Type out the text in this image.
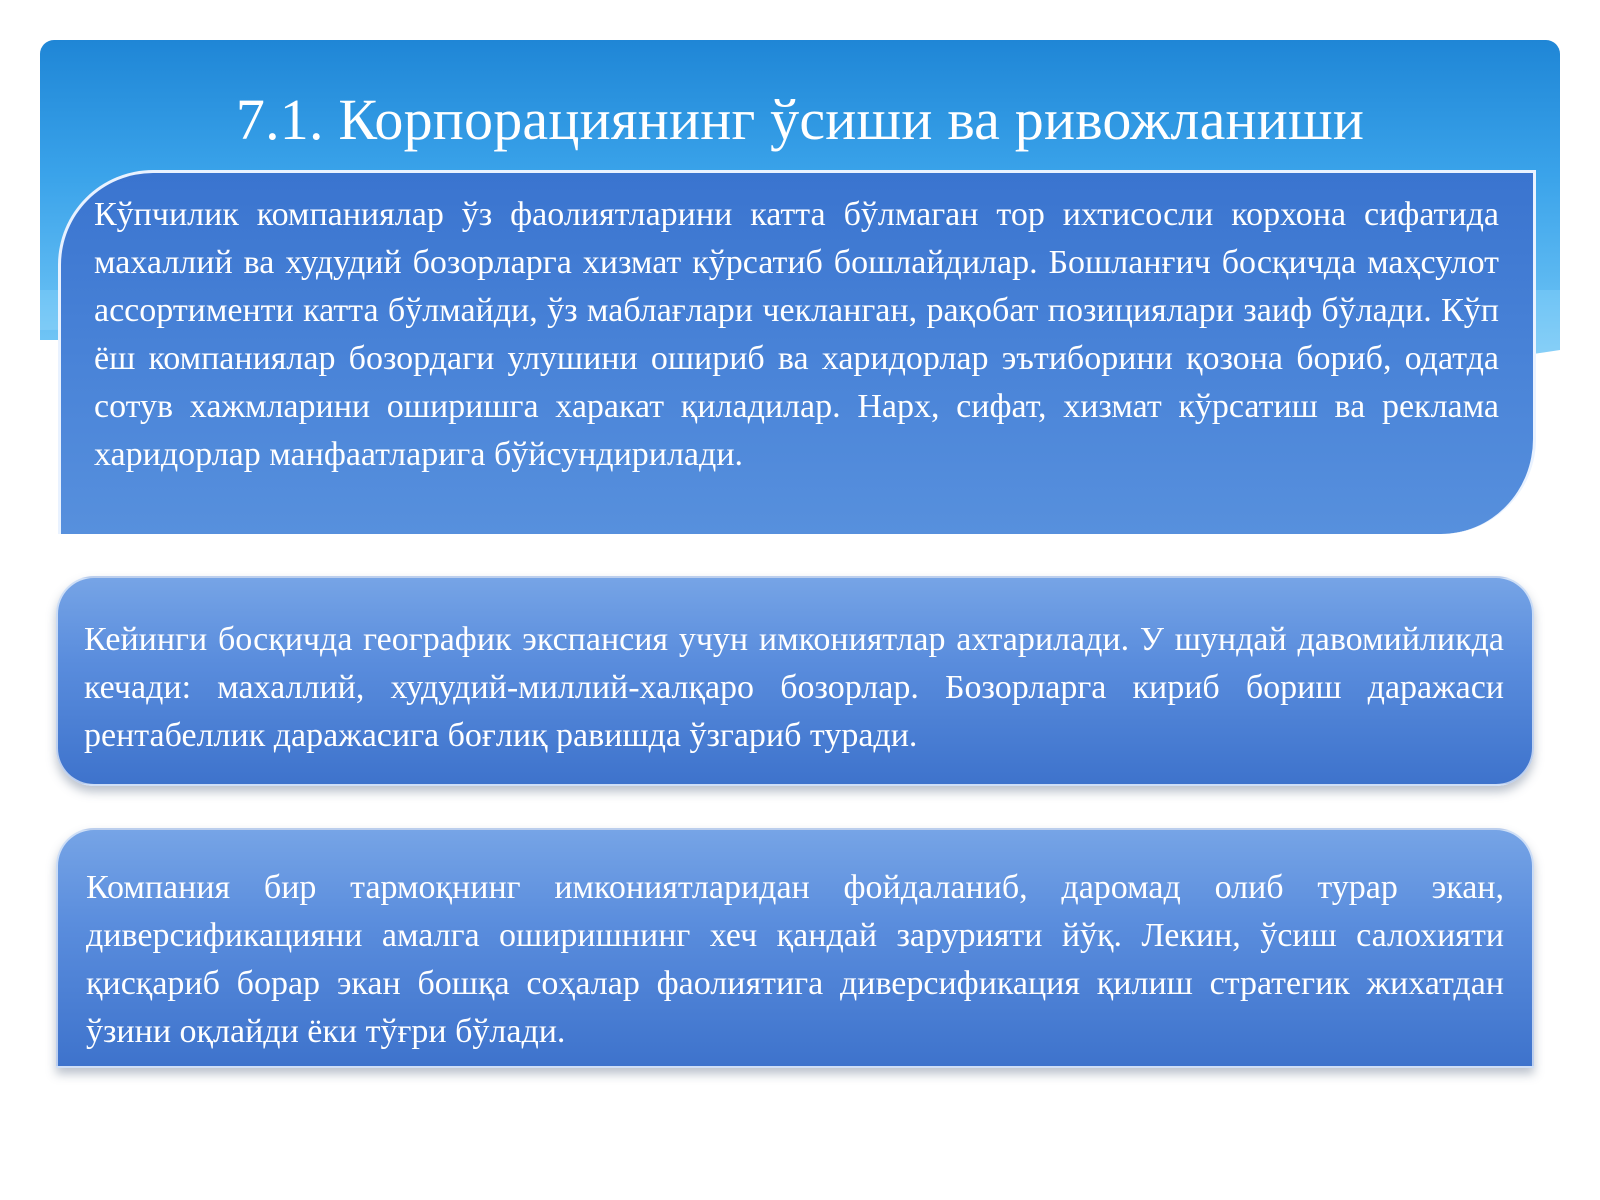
7.1. Корпорациянинг ўсиши ва ривожланиши

Кўпчилик компаниялар ўз фаолиятларини катта бўлмаган тор ихтисосли корхона сифатида махаллий ва худудий бозорларга хизмат кўрсатиб бошлайдилар. Бошланғич босқичда маҳсулот ассортименти катта бўлмайди, ўз маблағлари чекланган, рақобат позициялари заиф бўлади. Кўп ёш компаниялар бозордаги улушини ошириб ва харидорлар эътиборини қозона бориб, одатда сотув хажмларини оширишга харакат қиладилар. Нарх, сифат, хизмат кўрсатиш ва реклама харидорлар манфаатларига бўйсундирилади.

Кейинги босқичда географик экспансия учун имкониятлар ахтарилади. У шундай давомийликда кечади: махаллий, худудий-миллий-халқаро бозорлар. Бозорларга кириб бориш даражаси рентабеллик даражасига боғлиқ равишда ўзгариб туради.

Компания бир тармоқнинг имкониятларидан фойдаланиб, даромад олиб турар экан, диверсификацияни амалга оширишнинг хеч қандай зарурияти йўқ. Лекин, ўсиш салохияти қисқариб борар экан бошқа соҳалар фаолиятига диверсификация қилиш стратегик жихатдан ўзини оқлайди ёки тўғри бўлади.
